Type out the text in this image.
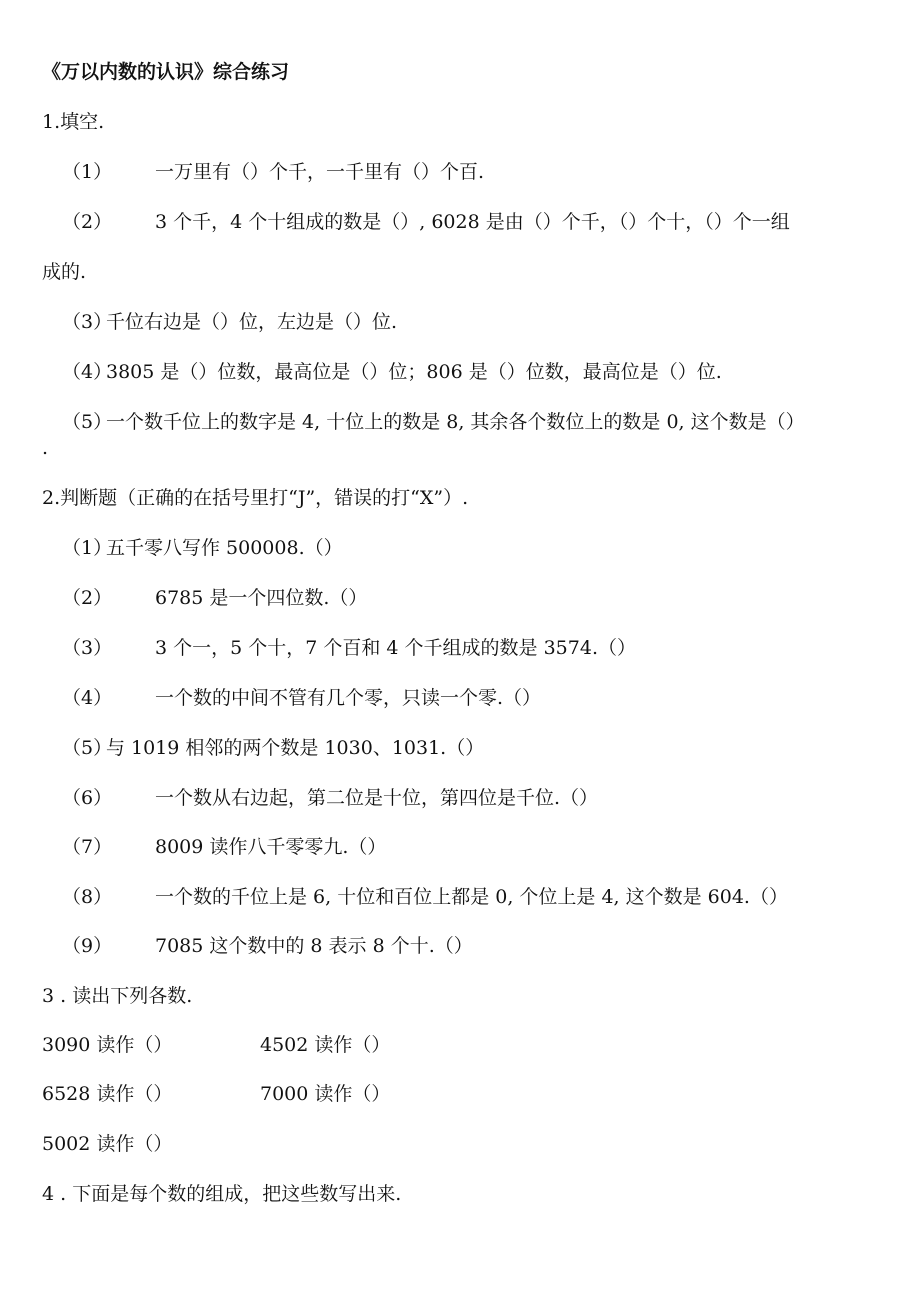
《万以内数的认识》综合练习
1.填空.
（1） 一万里有（）个千，一千里有（）个百.
（2） 3 个千，4 个十组成的数是（）, 6028 是由（）个千，（）个十，（）个一组
成的.
（3）
千位右边是（）位，左边是（）位.
（4）
3805 是（）位数，最高位是（）位；806 是（）位数，最高位是（）位.
（5）
一个数千位上的数字是 4, 十位上的数是 8, 其余各个数位上的数是 0, 这个数是（）
.
2.判断题（正确的在括号里打“J”，错误的打“X”）.
（1）
五千零八写作 500008.（）
（2） 6785 是一个四位数.（）
（3） 3 个一，5 个十，7 个百和 4 个千组成的数是 3574.（）
（4） 一个数的中间不管有几个零，只读一个零.（）
（5）
与 1019 相邻的两个数是 1030、1031.（）
（6） 一个数从右边起，第二位是十位，第四位是千位.（）
（7） 8009 读作八千零零九.（）
（8） 一个数的千位上是 6, 十位和百位上都是 0, 个位上是 4, 这个数是 604.（）
（9） 7085 这个数中的 8 表示 8 个十.（）
3 . 读出下列各数.
3090 读作（）	4502 读作（）
6528 读作（）	7000 读作（）
5002 读作（）
4 . 下面是每个数的组成，把这些数写出来.
